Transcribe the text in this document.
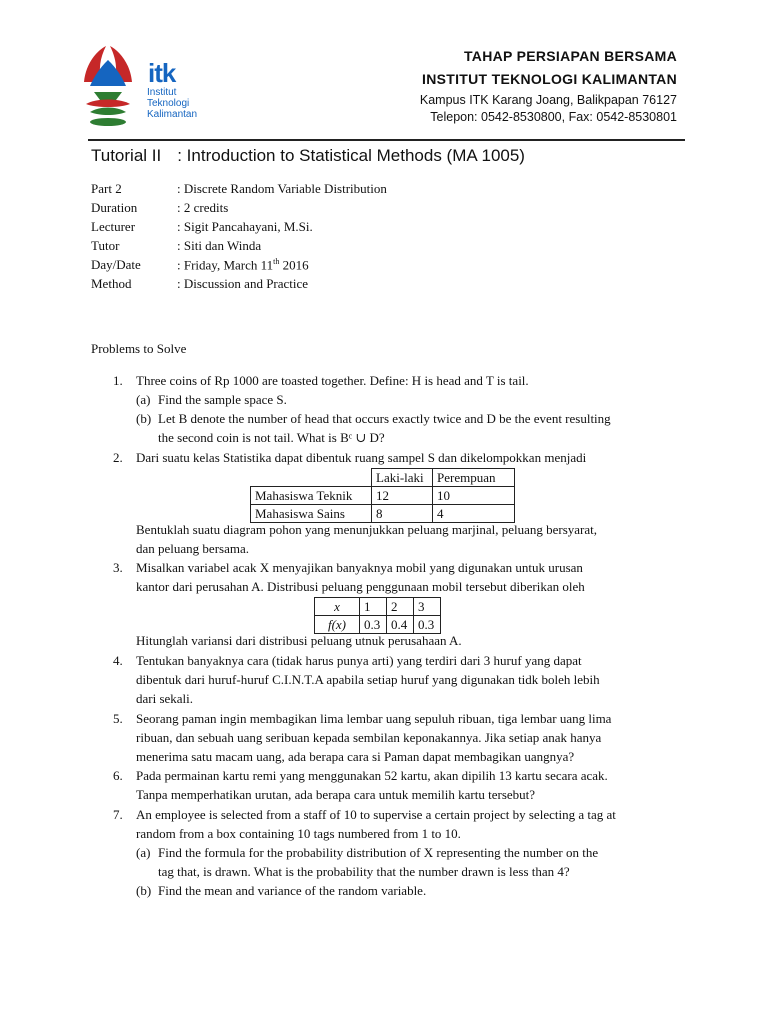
itk
Institut
Teknologi
Kalimantan
TAHAP PERSIAPAN BERSAMA
INSTITUT TEKNOLOGI KALIMANTAN
Kampus ITK Karang Joang, Balikpapan 76127
Telepon: 0542-8530800, Fax: 0542-8530801
Tutorial II : Introduction to Statistical Methods (MA 1005)
Part 2	: Discrete Random Variable Distribution
Duration	: 2 credits
Lecturer	: Sigit Pancahayani, M.Si.
Tutor	: Siti dan Winda
Day/Date	: Friday, March 11th 2016
Method	: Discussion and Practice
Problems to Solve
1. Three coins of Rp 1000 are toasted together. Define: H is head and T is tail.
(a) Find the sample space S.
(b) Let B denote the number of head that occurs exactly twice and D be the event resulting
the second coin is not tail. What is Bᶜ ∪ D?
2. Dari suatu kelas Statistika dapat dibentuk ruang sampel S dan dikelompokkan menjadi
	Laki-laki	Perempuan
Mahasiswa Teknik	12	10
Mahasiswa Sains	8	4
Bentuklah suatu diagram pohon yang menunjukkan peluang marjinal, peluang bersyarat,
dan peluang bersama.
3. Misalkan variabel acak X menyajikan banyaknya mobil yang digunakan untuk urusan
kantor dari perusahan A. Distribusi peluang penggunaan mobil tersebut diberikan oleh
x	1	2	3
f(x)	0.3	0.4	0.3
Hitunglah variansi dari distribusi peluang utnuk perusahaan A.
4. Tentukan banyaknya cara (tidak harus punya arti) yang terdiri dari 3 huruf yang dapat
dibentuk dari huruf-huruf C.I.N.T.A apabila setiap huruf yang digunakan tidk boleh lebih
dari sekali.
5. Seorang paman ingin membagikan lima lembar uang sepuluh ribuan, tiga lembar uang lima
ribuan, dan sebuah uang seribuan kepada sembilan keponakannya. Jika setiap anak hanya
menerima satu macam uang, ada berapa cara si Paman dapat membagikan uangnya?
6. Pada permainan kartu remi yang menggunakan 52 kartu, akan dipilih 13 kartu secara acak.
Tanpa memperhatikan urutan, ada berapa cara untuk memilih kartu tersebut?
7. An employee is selected from a staff of 10 to supervise a certain project by selecting a tag at
random from a box containing 10 tags numbered from 1 to 10.
(a) Find the formula for the probability distribution of X representing the number on the
tag that, is drawn. What is the probability that the number drawn is less than 4?
(b) Find the mean and variance of the random variable.
